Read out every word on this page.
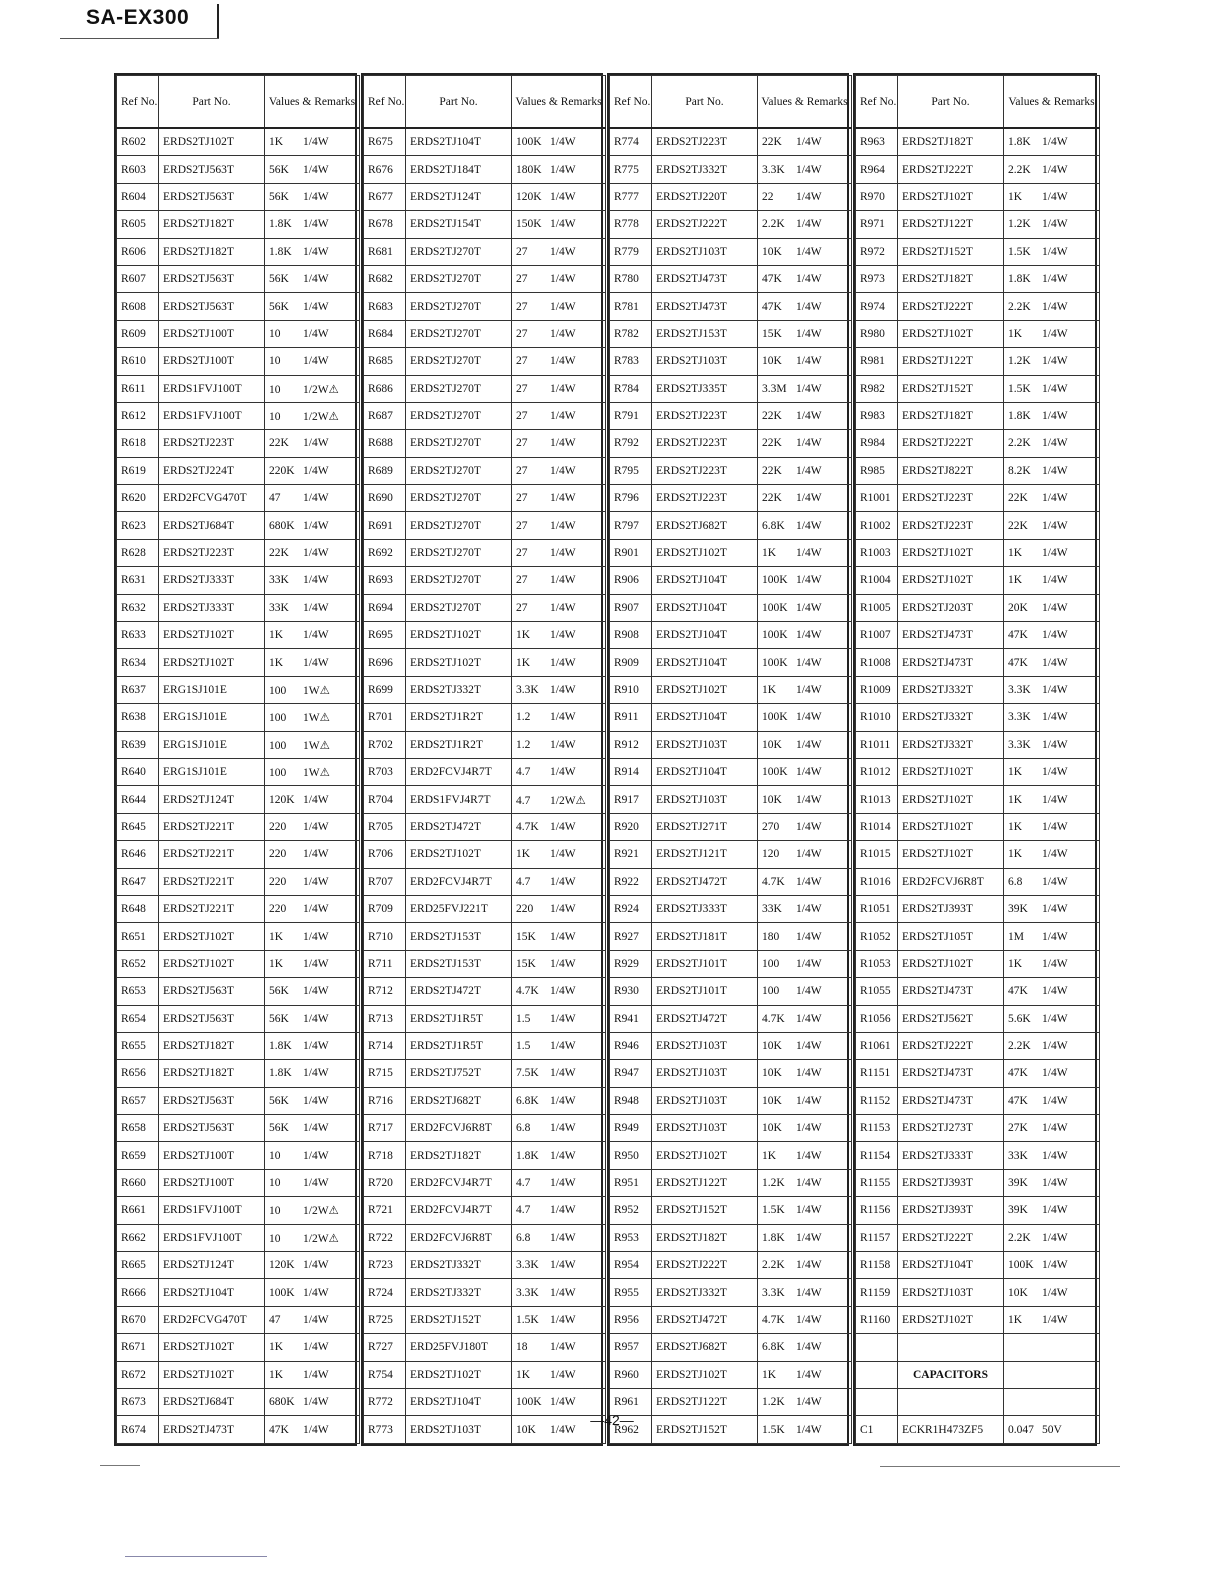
SA-EX300
Ref No.	Part No.	Values & Remarks
R602	ERDS2TJ102T	1K 1/4W
R603	ERDS2TJ563T	56K 1/4W
R604	ERDS2TJ563T	56K 1/4W
R605	ERDS2TJ182T	1.8K 1/4W
R606	ERDS2TJ182T	1.8K 1/4W
R607	ERDS2TJ563T	56K 1/4W
R608	ERDS2TJ563T	56K 1/4W
R609	ERDS2TJ100T	10 1/4W
R610	ERDS2TJ100T	10 1/4W
R611	ERDS1FVJ100T	10 1/2W⚠
R612	ERDS1FVJ100T	10 1/2W⚠
R618	ERDS2TJ223T	22K 1/4W
R619	ERDS2TJ224T	220K 1/4W
R620	ERD2FCVG470T	47 1/4W
R623	ERDS2TJ684T	680K 1/4W
R628	ERDS2TJ223T	22K 1/4W
R631	ERDS2TJ333T	33K 1/4W
R632	ERDS2TJ333T	33K 1/4W
R633	ERDS2TJ102T	1K 1/4W
R634	ERDS2TJ102T	1K 1/4W
R637	ERG1SJ101E	100 1W⚠
R638	ERG1SJ101E	100 1W⚠
R639	ERG1SJ101E	100 1W⚠
R640	ERG1SJ101E	100 1W⚠
R644	ERDS2TJ124T	120K 1/4W
R645	ERDS2TJ221T	220 1/4W
R646	ERDS2TJ221T	220 1/4W
R647	ERDS2TJ221T	220 1/4W
R648	ERDS2TJ221T	220 1/4W
R651	ERDS2TJ102T	1K 1/4W
R652	ERDS2TJ102T	1K 1/4W
R653	ERDS2TJ563T	56K 1/4W
R654	ERDS2TJ563T	56K 1/4W
R655	ERDS2TJ182T	1.8K 1/4W
R656	ERDS2TJ182T	1.8K 1/4W
R657	ERDS2TJ563T	56K 1/4W
R658	ERDS2TJ563T	56K 1/4W
R659	ERDS2TJ100T	10 1/4W
R660	ERDS2TJ100T	10 1/4W
R661	ERDS1FVJ100T	10 1/2W⚠
R662	ERDS1FVJ100T	10 1/2W⚠
R665	ERDS2TJ124T	120K 1/4W
R666	ERDS2TJ104T	100K 1/4W
R670	ERD2FCVG470T	47 1/4W
R671	ERDS2TJ102T	1K 1/4W
R672	ERDS2TJ102T	1K 1/4W
R673	ERDS2TJ684T	680K 1/4W
R674	ERDS2TJ473T	47K 1/4W
Ref No.	Part No.	Values & Remarks
R675	ERDS2TJ104T	100K 1/4W
R676	ERDS2TJ184T	180K 1/4W
R677	ERDS2TJ124T	120K 1/4W
R678	ERDS2TJ154T	150K 1/4W
R681	ERDS2TJ270T	27 1/4W
R682	ERDS2TJ270T	27 1/4W
R683	ERDS2TJ270T	27 1/4W
R684	ERDS2TJ270T	27 1/4W
R685	ERDS2TJ270T	27 1/4W
R686	ERDS2TJ270T	27 1/4W
R687	ERDS2TJ270T	27 1/4W
R688	ERDS2TJ270T	27 1/4W
R689	ERDS2TJ270T	27 1/4W
R690	ERDS2TJ270T	27 1/4W
R691	ERDS2TJ270T	27 1/4W
R692	ERDS2TJ270T	27 1/4W
R693	ERDS2TJ270T	27 1/4W
R694	ERDS2TJ270T	27 1/4W
R695	ERDS2TJ102T	1K 1/4W
R696	ERDS2TJ102T	1K 1/4W
R699	ERDS2TJ332T	3.3K 1/4W
R701	ERDS2TJ1R2T	1.2 1/4W
R702	ERDS2TJ1R2T	1.2 1/4W
R703	ERD2FCVJ4R7T	4.7 1/4W
R704	ERDS1FVJ4R7T	4.7 1/2W⚠
R705	ERDS2TJ472T	4.7K 1/4W
R706	ERDS2TJ102T	1K 1/4W
R707	ERD2FCVJ4R7T	4.7 1/4W
R709	ERD25FVJ221T	220 1/4W
R710	ERDS2TJ153T	15K 1/4W
R711	ERDS2TJ153T	15K 1/4W
R712	ERDS2TJ472T	4.7K 1/4W
R713	ERDS2TJ1R5T	1.5 1/4W
R714	ERDS2TJ1R5T	1.5 1/4W
R715	ERDS2TJ752T	7.5K 1/4W
R716	ERDS2TJ682T	6.8K 1/4W
R717	ERD2FCVJ6R8T	6.8 1/4W
R718	ERDS2TJ182T	1.8K 1/4W
R720	ERD2FCVJ4R7T	4.7 1/4W
R721	ERD2FCVJ4R7T	4.7 1/4W
R722	ERD2FCVJ6R8T	6.8 1/4W
R723	ERDS2TJ332T	3.3K 1/4W
R724	ERDS2TJ332T	3.3K 1/4W
R725	ERDS2TJ152T	1.5K 1/4W
R727	ERD25FVJ180T	18 1/4W
R754	ERDS2TJ102T	1K 1/4W
R772	ERDS2TJ104T	100K 1/4W
R773	ERDS2TJ103T	10K 1/4W
Ref No.	Part No.	Values & Remarks
R774	ERDS2TJ223T	22K 1/4W
R775	ERDS2TJ332T	3.3K 1/4W
R777	ERDS2TJ220T	22 1/4W
R778	ERDS2TJ222T	2.2K 1/4W
R779	ERDS2TJ103T	10K 1/4W
R780	ERDS2TJ473T	47K 1/4W
R781	ERDS2TJ473T	47K 1/4W
R782	ERDS2TJ153T	15K 1/4W
R783	ERDS2TJ103T	10K 1/4W
R784	ERDS2TJ335T	3.3M 1/4W
R791	ERDS2TJ223T	22K 1/4W
R792	ERDS2TJ223T	22K 1/4W
R795	ERDS2TJ223T	22K 1/4W
R796	ERDS2TJ223T	22K 1/4W
R797	ERDS2TJ682T	6.8K 1/4W
R901	ERDS2TJ102T	1K 1/4W
R906	ERDS2TJ104T	100K 1/4W
R907	ERDS2TJ104T	100K 1/4W
R908	ERDS2TJ104T	100K 1/4W
R909	ERDS2TJ104T	100K 1/4W
R910	ERDS2TJ102T	1K 1/4W
R911	ERDS2TJ104T	100K 1/4W
R912	ERDS2TJ103T	10K 1/4W
R914	ERDS2TJ104T	100K 1/4W
R917	ERDS2TJ103T	10K 1/4W
R920	ERDS2TJ271T	270 1/4W
R921	ERDS2TJ121T	120 1/4W
R922	ERDS2TJ472T	4.7K 1/4W
R924	ERDS2TJ333T	33K 1/4W
R927	ERDS2TJ181T	180 1/4W
R929	ERDS2TJ101T	100 1/4W
R930	ERDS2TJ101T	100 1/4W
R941	ERDS2TJ472T	4.7K 1/4W
R946	ERDS2TJ103T	10K 1/4W
R947	ERDS2TJ103T	10K 1/4W
R948	ERDS2TJ103T	10K 1/4W
R949	ERDS2TJ103T	10K 1/4W
R950	ERDS2TJ102T	1K 1/4W
R951	ERDS2TJ122T	1.2K 1/4W
R952	ERDS2TJ152T	1.5K 1/4W
R953	ERDS2TJ182T	1.8K 1/4W
R954	ERDS2TJ222T	2.2K 1/4W
R955	ERDS2TJ332T	3.3K 1/4W
R956	ERDS2TJ472T	4.7K 1/4W
R957	ERDS2TJ682T	6.8K 1/4W
R960	ERDS2TJ102T	1K 1/4W
R961	ERDS2TJ122T	1.2K 1/4W
R962	ERDS2TJ152T	1.5K 1/4W
Ref No.	Part No.	Values & Remarks
R963	ERDS2TJ182T	1.8K 1/4W
R964	ERDS2TJ222T	2.2K 1/4W
R970	ERDS2TJ102T	1K 1/4W
R971	ERDS2TJ122T	1.2K 1/4W
R972	ERDS2TJ152T	1.5K 1/4W
R973	ERDS2TJ182T	1.8K 1/4W
R974	ERDS2TJ222T	2.2K 1/4W
R980	ERDS2TJ102T	1K 1/4W
R981	ERDS2TJ122T	1.2K 1/4W
R982	ERDS2TJ152T	1.5K 1/4W
R983	ERDS2TJ182T	1.8K 1/4W
R984	ERDS2TJ222T	2.2K 1/4W
R985	ERDS2TJ822T	8.2K 1/4W
R1001	ERDS2TJ223T	22K 1/4W
R1002	ERDS2TJ223T	22K 1/4W
R1003	ERDS2TJ102T	1K 1/4W
R1004	ERDS2TJ102T	1K 1/4W
R1005	ERDS2TJ203T	20K 1/4W
R1007	ERDS2TJ473T	47K 1/4W
R1008	ERDS2TJ473T	47K 1/4W
R1009	ERDS2TJ332T	3.3K 1/4W
R1010	ERDS2TJ332T	3.3K 1/4W
R1011	ERDS2TJ332T	3.3K 1/4W
R1012	ERDS2TJ102T	1K 1/4W
R1013	ERDS2TJ102T	1K 1/4W
R1014	ERDS2TJ102T	1K 1/4W
R1015	ERDS2TJ102T	1K 1/4W
R1016	ERD2FCVJ6R8T	6.8 1/4W
R1051	ERDS2TJ393T	39K 1/4W
R1052	ERDS2TJ105T	1M 1/4W
R1053	ERDS2TJ102T	1K 1/4W
R1055	ERDS2TJ473T	47K 1/4W
R1056	ERDS2TJ562T	5.6K 1/4W
R1061	ERDS2TJ222T	2.2K 1/4W
R1151	ERDS2TJ473T	47K 1/4W
R1152	ERDS2TJ473T	47K 1/4W
R1153	ERDS2TJ273T	27K 1/4W
R1154	ERDS2TJ333T	33K 1/4W
R1155	ERDS2TJ393T	39K 1/4W
R1156	ERDS2TJ393T	39K 1/4W
R1157	ERDS2TJ222T	2.2K 1/4W
R1158	ERDS2TJ104T	100K 1/4W
R1159	ERDS2TJ103T	10K 1/4W
R1160	ERDS2TJ102T	1K 1/4W

	CAPACITORS	

C1	ECKR1H473ZF5	0.047 50V
—42—
